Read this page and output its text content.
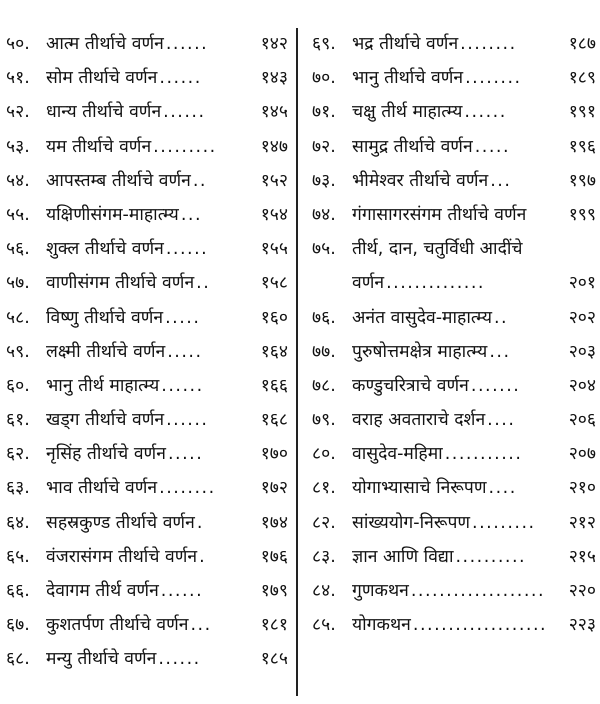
५०. आत्म तीर्थाचे वर्णन ......	१४२
५१. सोम तीर्थाचे वर्णन ......	१४३
५२. धान्य तीर्थाचे वर्णन ......	१४५
५३. यम तीर्थाचे वर्णन .........	१४७
५४. आपस्तम्ब तीर्थाचे वर्णन ..	१५२
५५. यक्षिणीसंगम-माहात्म्य ...	१५४
५६. शुक्ल तीर्थाचे वर्णन ......	१५५
५७. वाणीसंगम तीर्थाचे वर्णन ..	१५८
५८. विष्णु तीर्थाचे वर्णन .....	१६०
५९. लक्ष्मी तीर्थाचे वर्णन .....	१६४
६०. भानु तीर्थ माहात्म्य ......	१६६
६१. खड्ग तीर्थाचे वर्णन ......	१६८
६२. नृसिंह तीर्थाचे वर्णन .....	१७०
६३. भाव तीर्थाचे वर्णन ........	१७२
६४. सहस्रकुण्ड तीर्थाचे वर्णन .	१७४
६५. वंजरासंगम तीर्थाचे वर्णन .	१७६
६६. देवागम तीर्थ वर्णन ......	१७९
६७. कुशतर्पण तीर्थाचे वर्णन ...	१८१
६८. मन्यु तीर्थाचे वर्णन ......	१८५
६९. भद्र तीर्थाचे वर्णन ........	१८७
७०. भानु तीर्थाचे वर्णन ........	१८९
७१. चक्षु तीर्थ माहात्म्य ......	१९१
७२. सामुद्र तीर्थाचे वर्णन .....	१९६
७३. भीमेश्वर तीर्थाचे वर्णन ...	१९७
७४. गंगासागरसंगम तीर्थाचे वर्णन १९९
७५. तीर्थ, दान, चतुर्विधी आदींचे
वर्णन ..............	२०१
७६. अनंत वासुदेव-माहात्म्य ..	२०२
७७. पुरुषोत्तमक्षेत्र माहात्म्य ...	२०३
७८. कण्डुचरित्राचे वर्णन .......	२०४
७९. वराह अवताराचे दर्शन ....	२०६
८०. वासुदेव-महिमा ...........	२०७
८१. योगाभ्यासाचे निरूपण ....	२१०
८२. सांख्ययोग-निरूपण .........	२१२
८३. ज्ञान आणि विद्या ..........	२१५
८४. गुणकथन ...................	२२०
८५. योगकथन ...................	२२३
